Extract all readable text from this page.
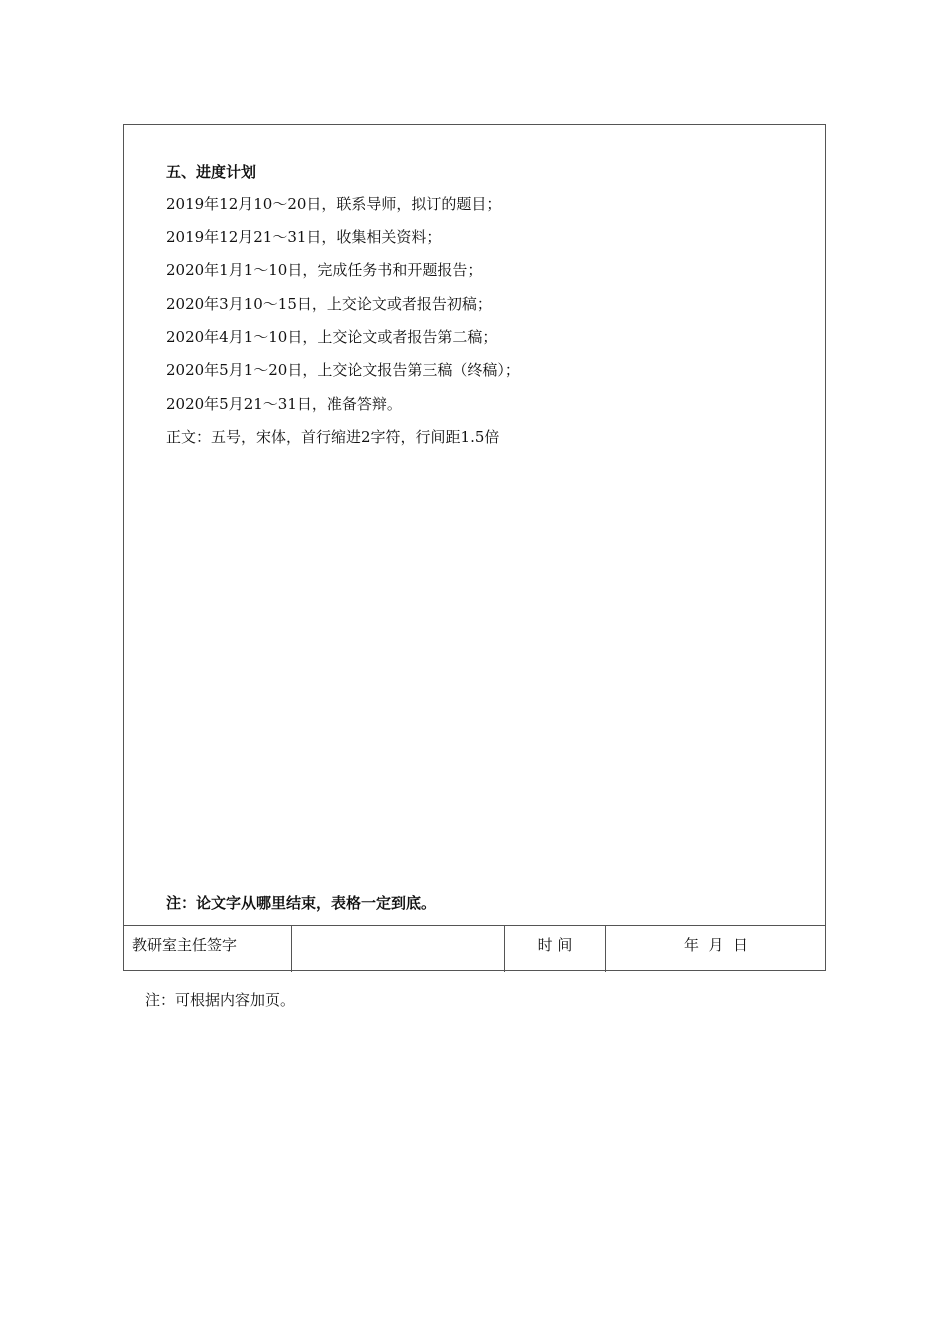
五、进度计划
2019年12月10～20日，联系导师，拟订的题目；
2019年12月21～31日，收集相关资料；
2020年1月1～10日，完成任务书和开题报告；
2020年3月10～15日，上交论文或者报告初稿；
2020年4月1～10日，上交论文或者报告第二稿；
2020年5月1～20日，上交论文报告第三稿（终稿）；
2020年5月21～31日，准备答辩。
正文：五号，宋体，首行缩进2字符，行间距1.5倍
注：论文字从哪里结束，表格一定到底。
教研室主任签字	时 间	年  月  日
注：可根据内容加页。
